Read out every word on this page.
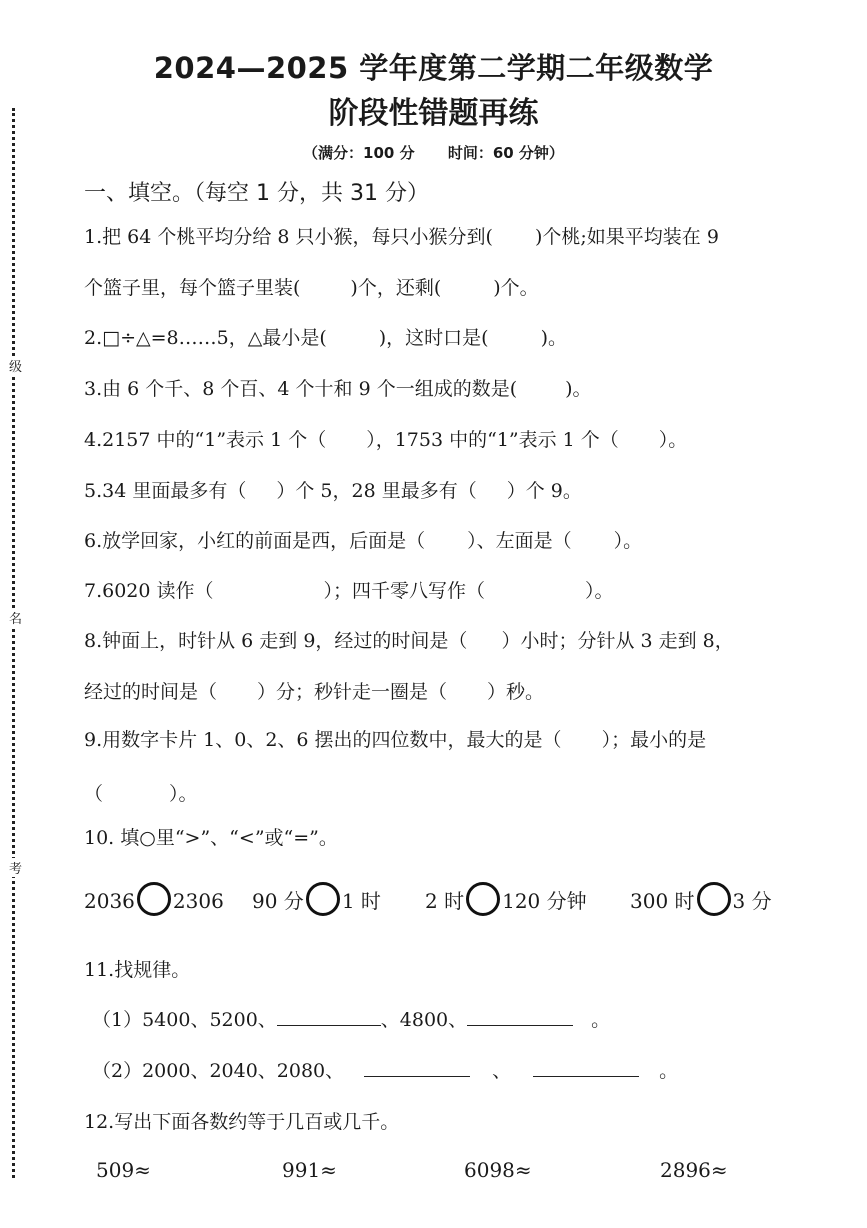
级
名
考
2024—2025 学年度第二学期二年级数学
阶段性错题再练
（满分：100 分 时间：60 分钟）
一、填空。（每空 1 分，共 31 分）
1.把 64 个桃平均分给 8 只小猴，每只小猴分到( )个桃;如果平均装在 9
个篮子里，每个篮子里装(	)个，还剩(	)个。
2.□÷△=8……5，△最小是(	)，这时口是(	)。
3.由 6 个千、8 个百、4 个十和 9 个一组成的数是(	)。
4.2157 中的“1”表示 1 个（ ），1753 中的“1”表示 1 个（ ）。
5.34 里面最多有（ ）个 5，28 里最多有（ ）个 9。
6.放学回家，小红的前面是西，后面是（ ）、左面是（ ）。
7.6020 读作（	）；四千零八写作（	）。
8.钟面上，时针从 6 走到 9，经过的时间是（ ）小时；分针从 3 走到 8，
经过的时间是（ ）分；秒针走一圈是（ ）秒。
9.用数字卡片 1、0、2、6 摆出的四位数中，最大的是（ ）；最小的是
（	）。
10. 填○里“>”、“<”或“=”。
2036 2306 90 分 1 时 2 时 120 分钟 300 时 3 分
11.找规律。
（1）5400、5200、	、4800、	。
（2）2000、2040、2080、	、	。
12.写出下面各数约等于几百或几千。
509≈	991≈	6098≈	2896≈
